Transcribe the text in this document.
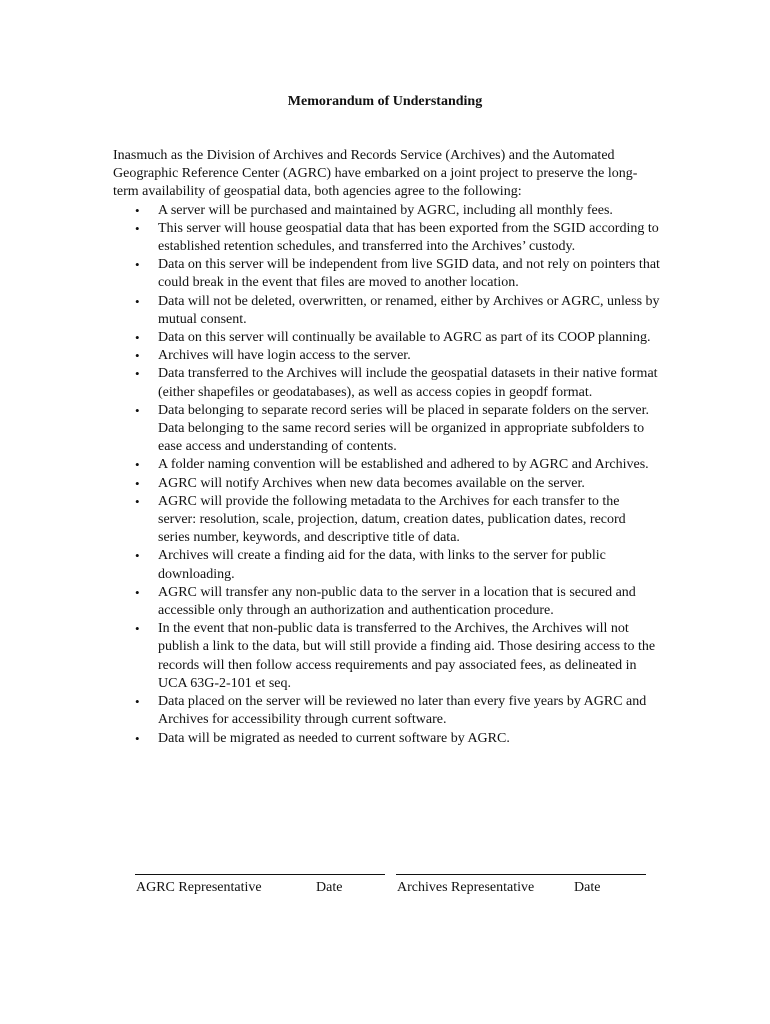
Memorandum of Understanding

Inasmuch as the Division of Archives and Records Service (Archives) and the Automated Geographic Reference Center (AGRC) have embarked on a joint project to preserve the long-term availability of geospatial data, both agencies agree to the following:

• A server will be purchased and maintained by AGRC, including all monthly fees.
• This server will house geospatial data that has been exported from the SGID according to established retention schedules, and transferred into the Archives’ custody.
• Data on this server will be independent from live SGID data, and not rely on pointers that could break in the event that files are moved to another location.
• Data will not be deleted, overwritten, or renamed, either by Archives or AGRC, unless by mutual consent.
• Data on this server will continually be available to AGRC as part of its COOP planning.
• Archives will have login access to the server.
• Data transferred to the Archives will include the geospatial datasets in their native format (either shapefiles or geodatabases), as well as access copies in geopdf format.
• Data belonging to separate record series will be placed in separate folders on the server. Data belonging to the same record series will be organized in appropriate subfolders to ease access and understanding of contents.
• A folder naming convention will be established and adhered to by AGRC and Archives.
• AGRC will notify Archives when new data becomes available on the server.
• AGRC will provide the following metadata to the Archives for each transfer to the server: resolution, scale, projection, datum, creation dates, publication dates, record series number, keywords, and descriptive title of data.
• Archives will create a finding aid for the data, with links to the server for public downloading.
• AGRC will transfer any non-public data to the server in a location that is secured and accessible only through an authorization and authentication procedure.
• In the event that non-public data is transferred to the Archives, the Archives will not publish a link to the data, but will still provide a finding aid. Those desiring access to the records will then follow access requirements and pay associated fees, as delineated in UCA 63G-2-101 et seq.
• Data placed on the server will be reviewed no later than every five years by AGRC and Archives for accessibility through current software.
• Data will be migrated as needed to current software by AGRC.
AGRC Representative	Date	Archives Representative	Date
